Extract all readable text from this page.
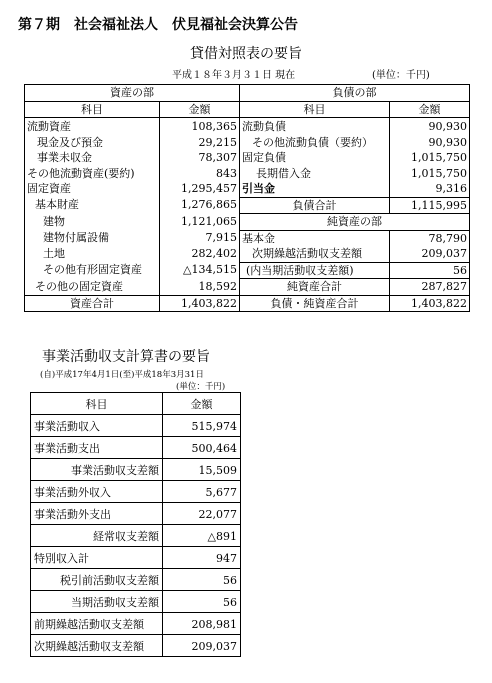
第７期　社会福祉法人　伏見福祉会決算公告
貸借対照表の要旨
平成１８年３月３１日 現在	(単位：千円)
資産の部		負債の部	
科目	金額	科目	金額
流動資産	108,365	流動負債	90,930
現金及び預金	29,215	その他流動負債（要約）	90,930
事業未収金	78,307	固定負債	1,015,750
その他流動資産(要約)	843	長期借入金	1,015,750
固定資産	1,295,457	引当金	9,316
基本財産	1,276,865	負債合計	1,115,995
建物	1,121,065	純資産の部	
建物付属設備	7,915	基本金	78,790
土地	282,402	次期繰越活動収支差額	209,037
その他有形固定資産	△134,515	(内当期活動収支差額)	56
その他の固定資産	18,592	純資産合計	287,827
資産合計	1,403,822	負債・純資産合計	1,403,822
事業活動収支計算書の要旨
(自)平成17年4月1日(至)平成18年3月31日
(単位：千円)
科目	金額
事業活動収入	515,974
事業活動支出	500,464
事業活動収支差額	15,509
事業活動外収入	5,677
事業活動外支出	22,077
経常収支差額	△891
特別収入計	947
税引前活動収支差額	56
当期活動収支差額	56
前期繰越活動収支差額	208,981
次期繰越活動収支差額	209,037
